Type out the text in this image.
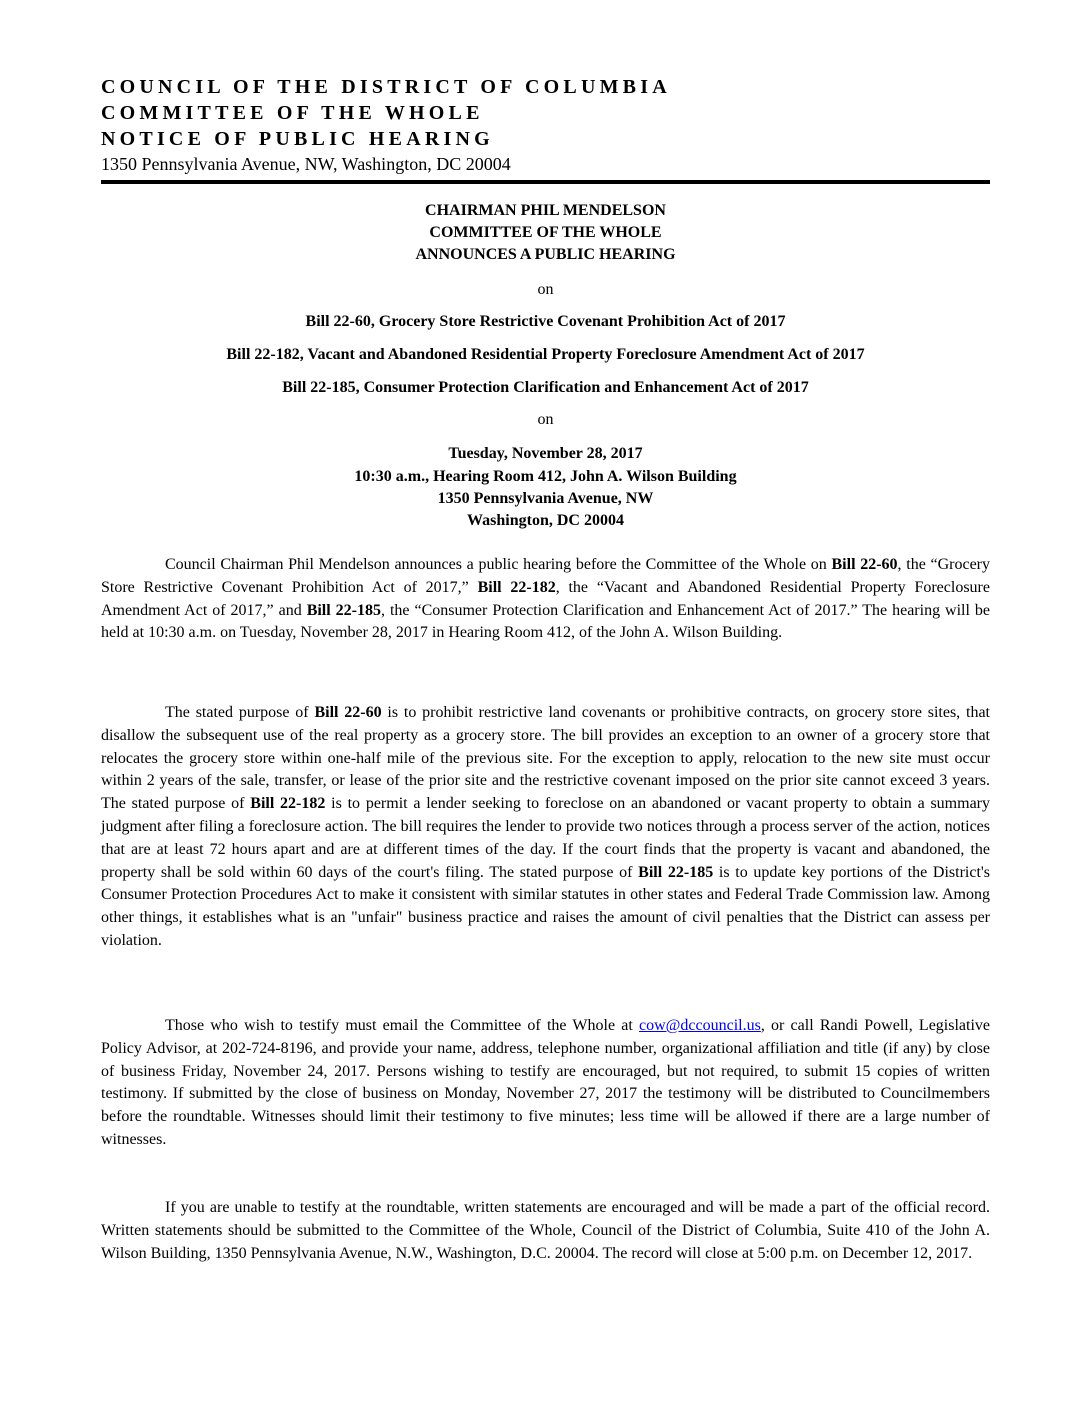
COUNCIL OF THE DISTRICT OF COLUMBIA
COMMITTEE OF THE WHOLE
NOTICE OF PUBLIC HEARING
1350 Pennsylvania Avenue, NW, Washington, DC 20004
CHAIRMAN PHIL MENDELSON
COMMITTEE OF THE WHOLE
ANNOUNCES A PUBLIC HEARING
on
Bill 22-60, Grocery Store Restrictive Covenant Prohibition Act of 2017
Bill 22-182, Vacant and Abandoned Residential Property Foreclosure Amendment Act of 2017
Bill 22-185, Consumer Protection Clarification and Enhancement Act of 2017
on
Tuesday, November 28, 2017
10:30 a.m., Hearing Room 412, John A. Wilson Building
1350 Pennsylvania Avenue, NW
Washington, DC 20004

Council Chairman Phil Mendelson announces a public hearing before the Committee of the Whole on Bill 22-60, the “Grocery Store Restrictive Covenant Prohibition Act of 2017,” Bill 22-182, the “Vacant and Abandoned Residential Property Foreclosure Amendment Act of 2017,” and Bill 22-185, the “Consumer Protection Clarification and Enhancement Act of 2017.” The hearing will be held at 10:30 a.m. on Tuesday, November 28, 2017 in Hearing Room 412, of the John A. Wilson Building.

The stated purpose of Bill 22-60 is to prohibit restrictive land covenants or prohibitive contracts, on grocery store sites, that disallow the subsequent use of the real property as a grocery store. The bill provides an exception to an owner of a grocery store that relocates the grocery store within one-half mile of the previous site. For the exception to apply, relocation to the new site must occur within 2 years of the sale, transfer, or lease of the prior site and the restrictive covenant imposed on the prior site cannot exceed 3 years. The stated purpose of Bill 22-182 is to permit a lender seeking to foreclose on an abandoned or vacant property to obtain a summary judgment after filing a foreclosure action. The bill requires the lender to provide two notices through a process server of the action, notices that are at least 72 hours apart and are at different times of the day. If the court finds that the property is vacant and abandoned, the property shall be sold within 60 days of the court's filing. The stated purpose of Bill 22-185 is to update key portions of the District's Consumer Protection Procedures Act to make it consistent with similar statutes in other states and Federal Trade Commission law. Among other things, it establishes what is an "unfair" business practice and raises the amount of civil penalties that the District can assess per violation.

Those who wish to testify must email the Committee of the Whole at cow@dccouncil.us, or call Randi Powell, Legislative Policy Advisor, at 202-724-8196, and provide your name, address, telephone number, organizational affiliation and title (if any) by close of business Friday, November 24, 2017. Persons wishing to testify are encouraged, but not required, to submit 15 copies of written testimony. If submitted by the close of business on Monday, November 27, 2017 the testimony will be distributed to Councilmembers before the roundtable. Witnesses should limit their testimony to five minutes; less time will be allowed if there are a large number of witnesses.

If you are unable to testify at the roundtable, written statements are encouraged and will be made a part of the official record. Written statements should be submitted to the Committee of the Whole, Council of the District of Columbia, Suite 410 of the John A. Wilson Building, 1350 Pennsylvania Avenue, N.W., Washington, D.C. 20004. The record will close at 5:00 p.m. on December 12, 2017.
